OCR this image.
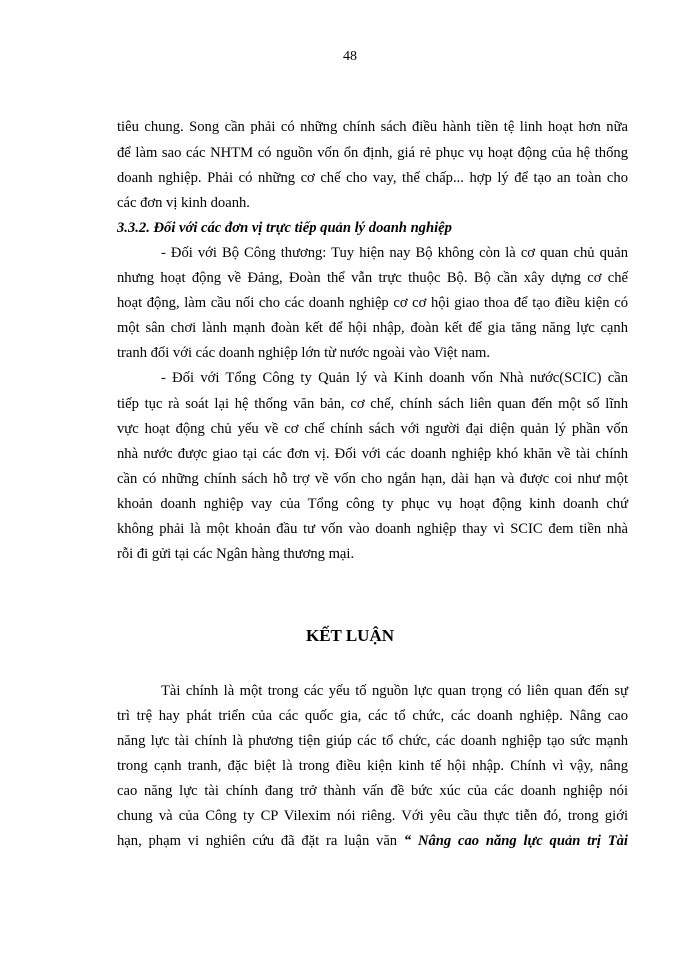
48
tiêu chung. Song cần phải có những chính sách điều hành tiền tệ linh hoạt hơn nữa
để làm sao các NHTM có nguồn vốn ổn định, giá rẻ phục vụ hoạt động của hệ thống
doanh nghiệp. Phải có những cơ chế cho vay, thế chấp... hợp lý để tạo an toàn cho
các đơn vị kinh doanh.
3.3.2. Đối với các đơn vị trực tiếp quản lý doanh nghiệp
- Đối với Bộ Công thương: Tuy hiện nay Bộ không còn là cơ quan chủ quản
nhưng hoạt động về Đảng, Đoàn thể vẫn trực thuộc Bộ. Bộ cần xây dựng cơ chế
hoạt động, làm cầu nối cho các doanh nghiệp cơ cơ hội giao thoa để tạo điều kiện có
một sân chơi lành mạnh đoàn kết để hội nhập, đoàn kết để gia tăng năng lực cạnh
tranh đối với các doanh nghiệp lớn từ nước ngoài vào Việt nam.
- Đối với Tổng Công ty Quản lý và Kinh doanh vốn Nhà nước(SCIC) cần
tiếp tục rà soát lại hệ thống văn bản, cơ chế, chính sách liên quan đến một số lĩnh
vực hoạt động chủ yếu về cơ chế chính sách với người đại diện quản lý phần vốn
nhà nước được giao tại các đơn vị. Đối với các doanh nghiệp khó khăn về tài chính
cần có những chính sách hỗ trợ về vốn cho ngắn hạn, dài hạn và được coi như một
khoản doanh nghiệp vay của Tổng công ty phục vụ hoạt động kinh doanh chứ
không phải là một khoản đầu tư vốn vào doanh nghiệp thay vì SCIC đem tiền nhà
rỗi đi gửi tại các Ngân hàng thương mại.
KẾT LUẬN
Tài chính là một trong các yếu tố nguồn lực quan trọng có liên quan đến sự
trì trệ hay phát triển của các quốc gia, các tổ chức, các doanh nghiệp. Nâng cao
năng lực tài chính là phương tiện giúp các tổ chức, các doanh nghiệp tạo sức mạnh
trong cạnh tranh, đặc biệt là trong điều kiện kinh tế hội nhập. Chính vì vậy, nâng
cao năng lực tài chính đang trở thành vấn đề bức xúc của các doanh nghiệp nói
chung và của Công ty CP Vilexim nói riêng. Với yêu cầu thực tiễn đó, trong giới
hạn, phạm vi nghiên cứu đã đặt ra luận văn “ Nâng cao năng lực quản trị Tài
